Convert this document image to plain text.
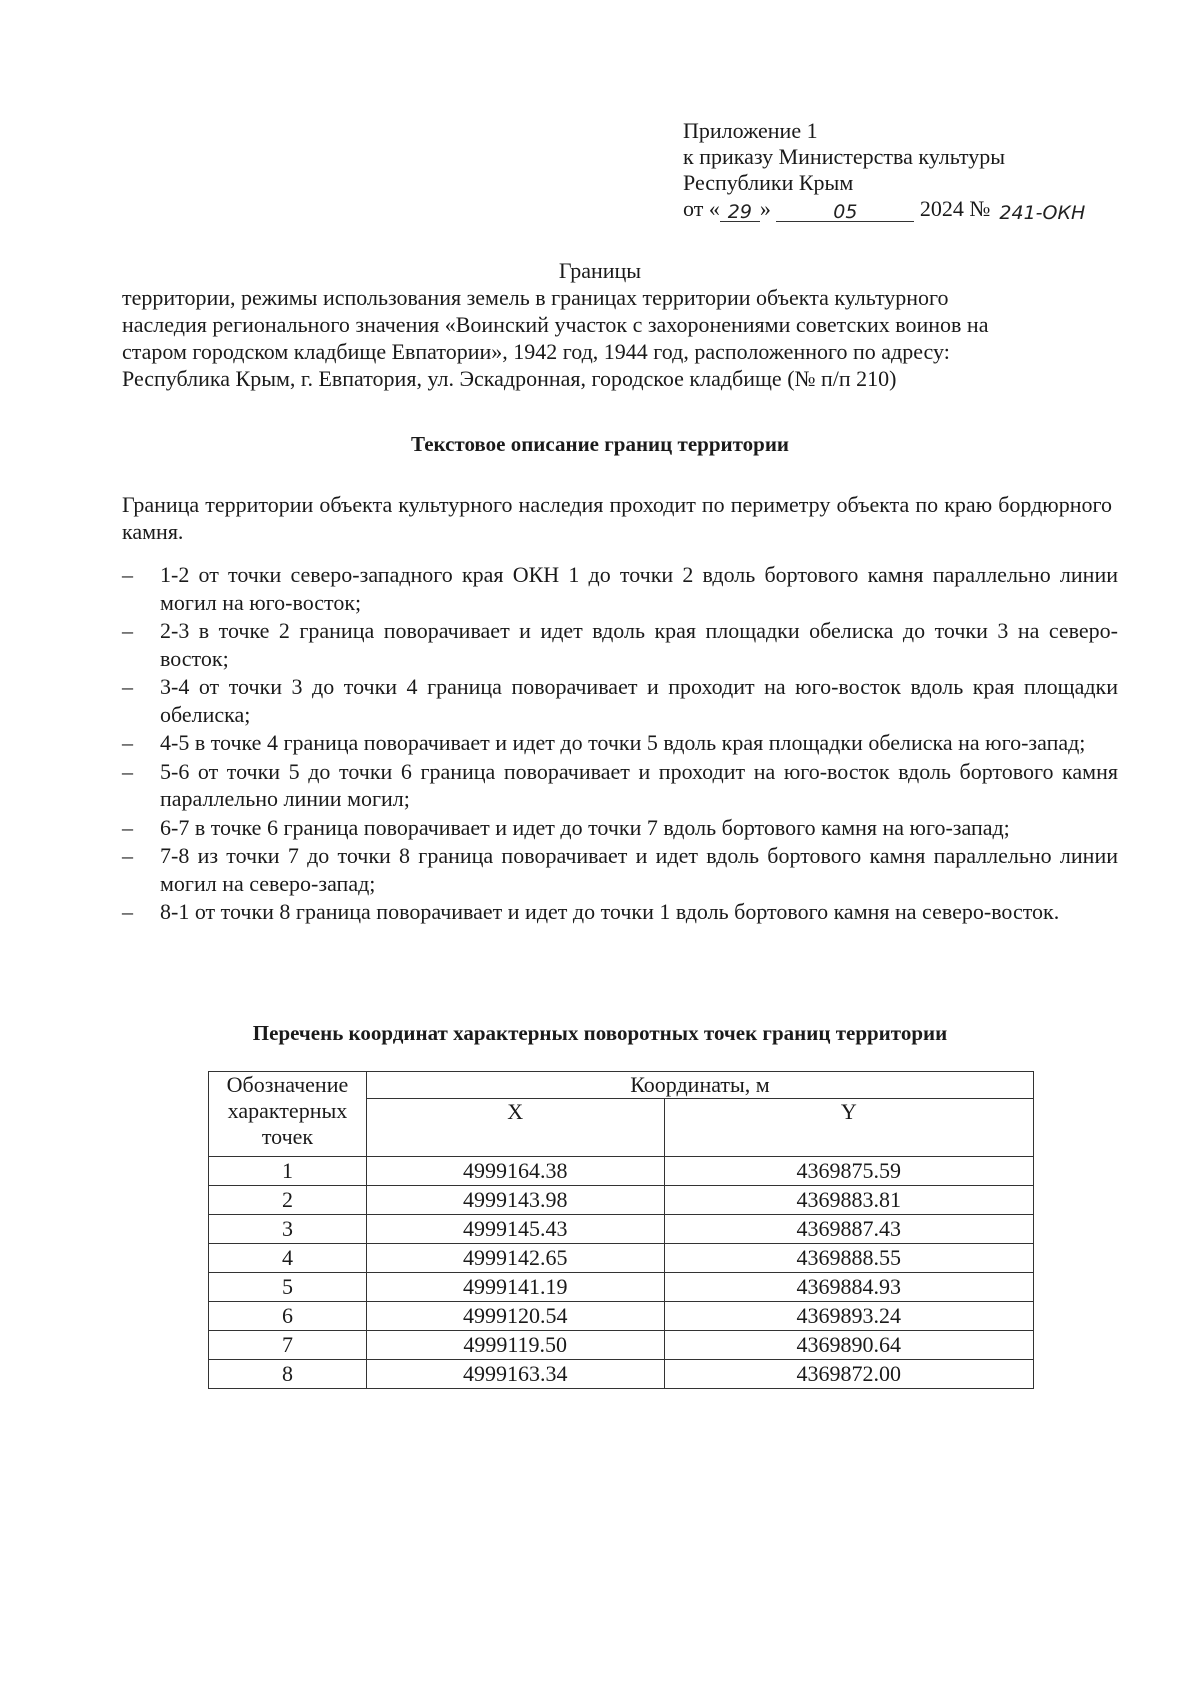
Приложение 1
к приказу Министерства культуры
Республики Крым
от « 29 »	05	2024 № 241-ОКН
Границы
территории, режимы использования земель в границах территории объекта культурного
наследия регионального значения «Воинский участок с захоронениями советских воинов на
старом городском кладбище Евпатории», 1942 год, 1944 год, расположенного по адресу:
Республика Крым, г. Евпатория, ул. Эскадронная, городское кладбище (№ п/п 210)
Текстовое описание границ территории
Граница территории объекта культурного наследия проходит по периметру объекта по краю бордюрного камня.
– 1-2 от точки северо-западного края ОКН 1 до точки 2 вдоль бортового камня параллельно линии могил на юго-восток;
– 2-3 в точке 2 граница поворачивает и идет вдоль края площадки обелиска до точки 3 на северо-восток;
– 3-4 от точки 3 до точки 4 граница поворачивает и проходит на юго-восток вдоль края площадки обелиска;
– 4-5 в точке 4 граница поворачивает и идет до точки 5 вдоль края площадки обелиска на юго-запад;
– 5-6 от точки 5 до точки 6 граница поворачивает и проходит на юго-восток вдоль бортового камня параллельно линии могил;
– 6-7 в точке 6 граница поворачивает и идет до точки 7 вдоль бортового камня на юго-запад;
– 7-8 из точки 7 до точки 8 граница поворачивает и идет вдоль бортового камня параллельно линии могил на северо-запад;
– 8-1 от точки 8 граница поворачивает и идет до точки 1 вдоль бортового камня на северо-восток.
Перечень координат характерных поворотных точек границ территории
Обозначение характерных точек	Координаты, м	
	X	Y
1	4999164.38	4369875.59
2	4999143.98	4369883.81
3	4999145.43	4369887.43
4	4999142.65	4369888.55
5	4999141.19	4369884.93
6	4999120.54	4369893.24
7	4999119.50	4369890.64
8	4999163.34	4369872.00
